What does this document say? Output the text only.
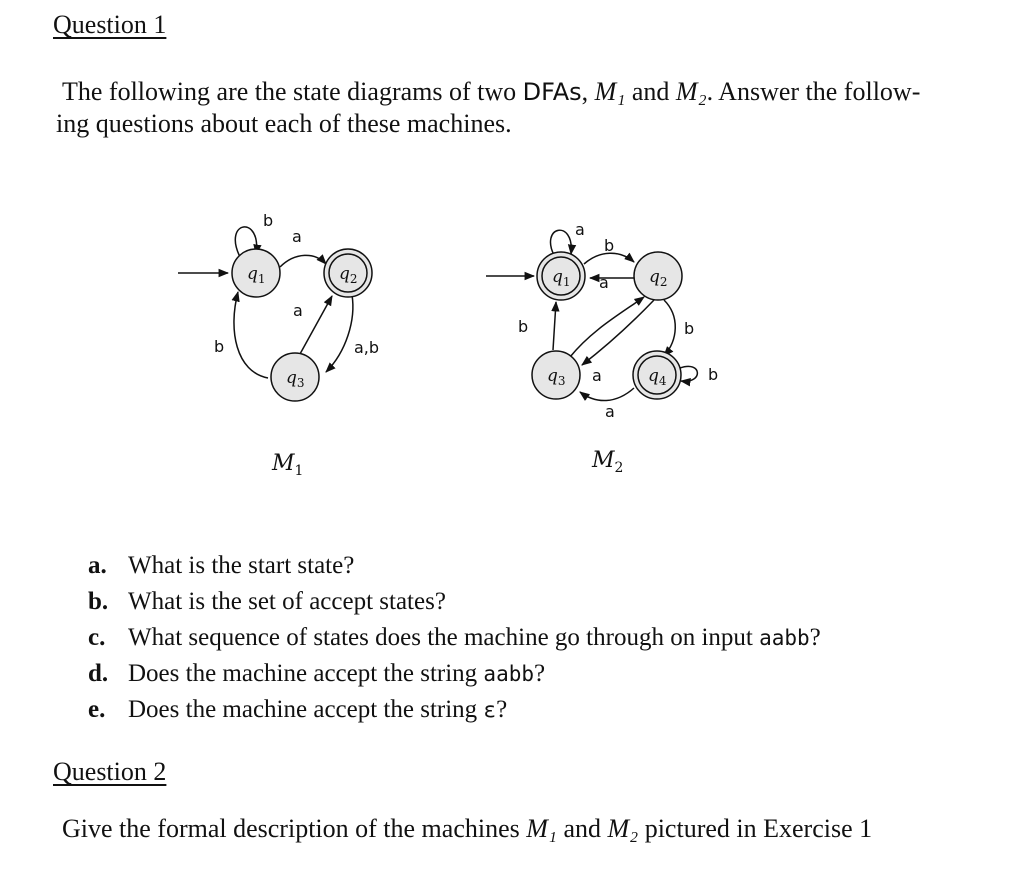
Question 1
The following are the state diagrams of two DFAs, M₁ and M₂. Answer the follow-
ing questions about each of these machines.
b
a
a
a,b
b
$q_1$	$q_2$
$q_3$
$M_1$
a
b
a
b
a
b
b
a
$q_1$	$q_2$
$q_3$	$q_4$
$M_2$
a. What is the start state?
b. What is the set of accept states?
c. What sequence of states does the machine go through on input aabb?
d. Does the machine accept the string aabb?
e. Does the machine accept the string ε?
Question 2
Give the formal description of the machines M₁ and M₂ pictured in Exercise 1
